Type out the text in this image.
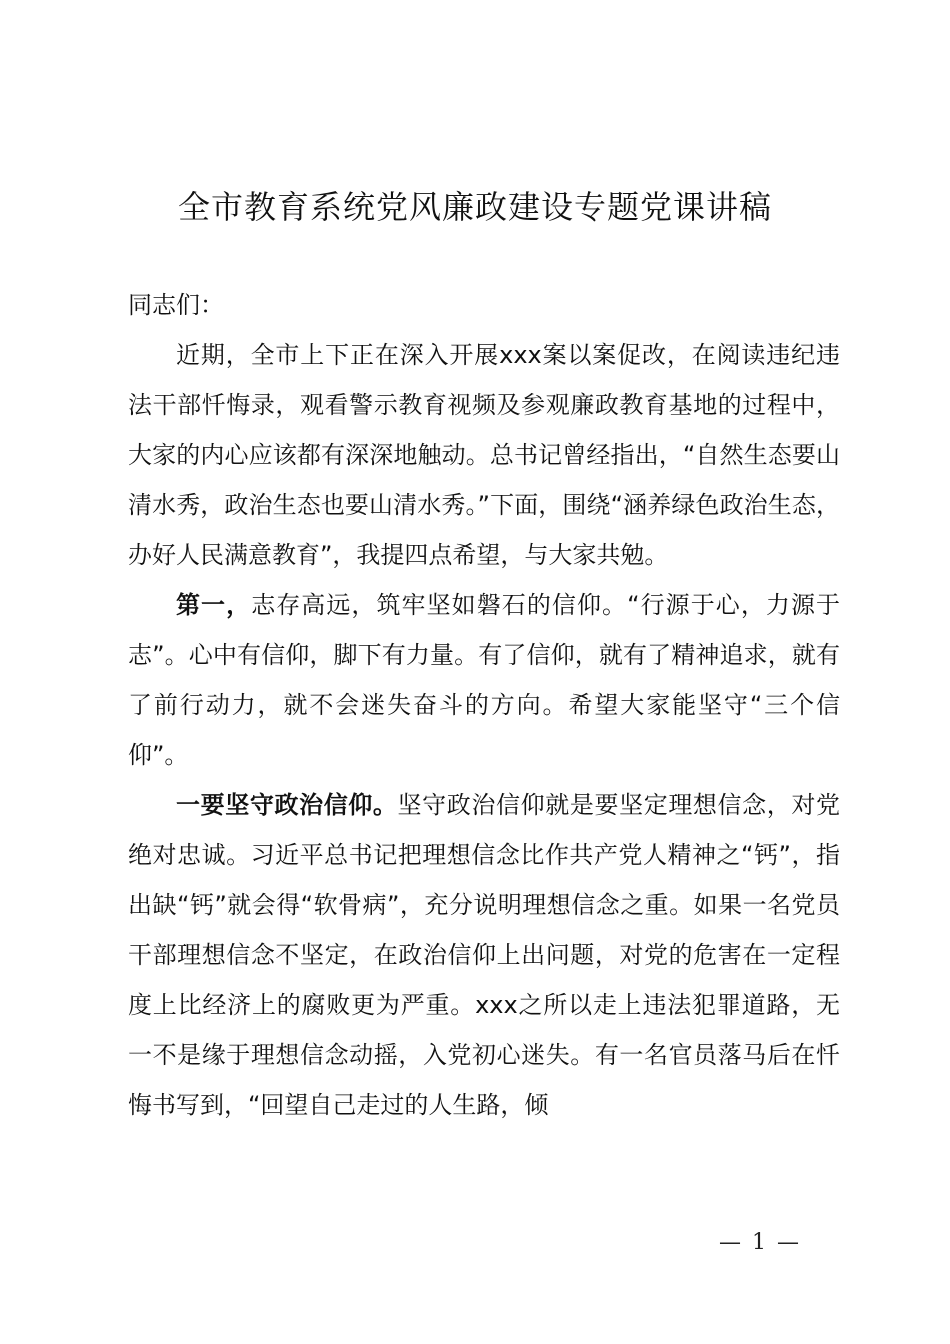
全市教育系统党风廉政建设专题党课讲稿

同志们：

近期，全市上下正在深入开展xxx案以案促改，在阅读违纪违法干部忏悔录，观看警示教育视频及参观廉政教育基地的过程中，大家的内心应该都有深深地触动。总书记曾经指出，“自然生态要山清水秀，政治生态也要山清水秀。”下面，围绕“涵养绿色政治生态，办好人民满意教育”，我提四点希望，与大家共勉。

第一，志存高远，筑牢坚如磐石的信仰。“行源于心，力源于志”。心中有信仰，脚下有力量。有了信仰，就有了精神追求，就有了前行动力，就不会迷失奋斗的方向。希望大家能坚守“三个信仰”。

一要坚守政治信仰。坚守政治信仰就是要坚定理想信念，对党绝对忠诚。习近平总书记把理想信念比作共产党人精神之“钙”，指出缺“钙”就会得“软骨病”，充分说明理想信念之重。如果一名党员干部理想信念不坚定，在政治信仰上出问题，对党的危害在一定程度上比经济上的腐败更为严重。xxx之所以走上违法犯罪道路，无一不是缘于理想信念动摇，入党初心迷失。有一名官员落马后在忏悔书写到，“回望自己走过的人生路，倾

— 1 —
